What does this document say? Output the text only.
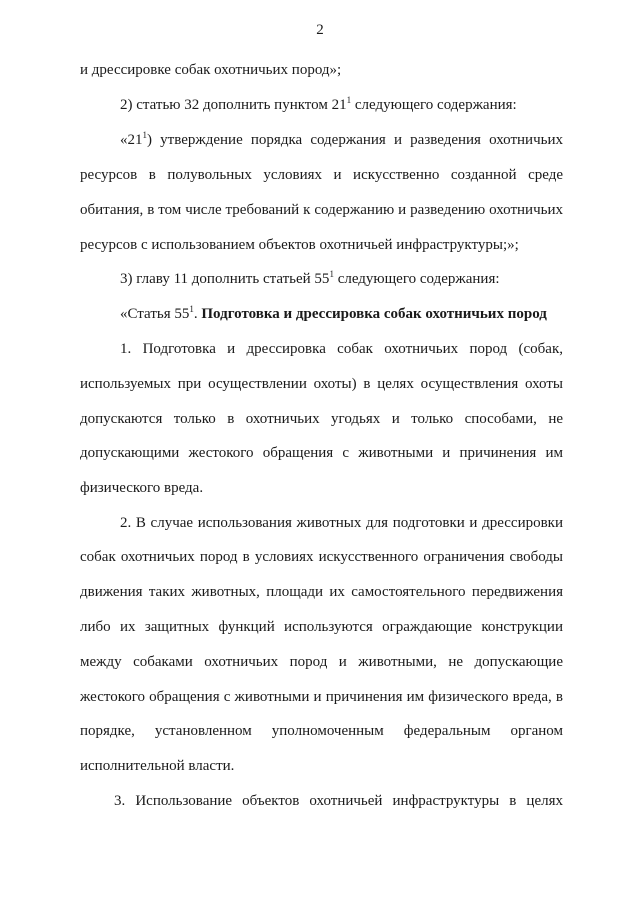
2
и дрессировке собак охотничьих пород»;
2) статью 32 дополнить пунктом $21^1$ следующего содержания:
«$21^1$) утверждение порядка содержания и разведения охотничьих
ресурсов в полувольных условиях и искусственно созданной среде
обитания, в том числе требований к содержанию и разведению охотничьих
ресурсов с использованием объектов охотничьей инфраструктуры;»;
3) главу 11 дополнить статьей $55^1$ следующего содержания:
«Статья $55^1$. Подготовка и дрессировка собак охотничьих пород
1. Подготовка и дрессировка собак охотничьих пород (собак,
используемых при осуществлении охоты) в целях осуществления охоты
допускаются только в охотничьих угодьях и только способами, не
допускающими жестокого обращения с животными и причинения им
физического вреда.
2. В случае использования животных для подготовки и дрессировки
собак охотничьих пород в условиях искусственного ограничения свободы
движения таких животных, площади их самостоятельного передвижения
либо их защитных функций используются ограждающие конструкции
между собаками охотничьих пород и животными, не допускающие
жестокого обращения с животными и причинения им физического вреда, в
порядке, установленном уполномоченным федеральным органом
исполнительной власти.
3. Использование объектов охотничьей инфраструктуры в целях
